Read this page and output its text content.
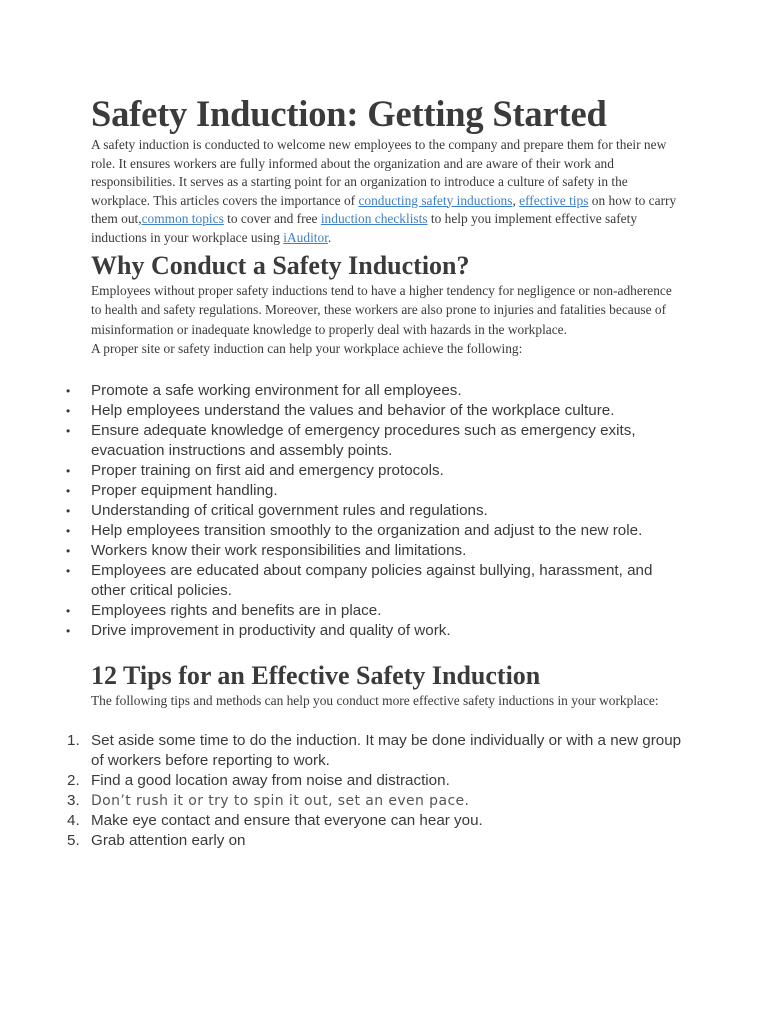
Safety Induction: Getting Started

A safety induction is conducted to welcome new employees to the company and prepare them for their new role. It ensures workers are fully informed about the organization and are aware of their work and responsibilities. It serves as a starting point for an organization to introduce a culture of safety in the workplace. This articles covers the importance of conducting safety inductions, effective tips on how to carry them out,common topics to cover and free induction checklists to help you implement effective safety inductions in your workplace using iAuditor.

Why Conduct a Safety Induction?

Employees without proper safety inductions tend to have a higher tendency for negligence or non-adherence to health and safety regulations. Moreover, these workers are also prone to injuries and fatalities because of misinformation or inadequate knowledge to properly deal with hazards in the workplace.

A proper site or safety induction can help your workplace achieve the following:

• Promote a safe working environment for all employees.
• Help employees understand the values and behavior of the workplace culture.
• Ensure adequate knowledge of emergency procedures such as emergency exits, evacuation instructions and assembly points.
• Proper training on first aid and emergency protocols.
• Proper equipment handling.
• Understanding of critical government rules and regulations.
• Help employees transition smoothly to the organization and adjust to the new role.
• Workers know their work responsibilities and limitations.
• Employees are educated about company policies against bullying, harassment, and other critical policies.
• Employees rights and benefits are in place.
• Drive improvement in productivity and quality of work.
12 Tips for an Effective Safety Induction

The following tips and methods can help you conduct more effective safety inductions in your workplace:

1. Set aside some time to do the induction. It may be done individually or with a new group of workers before reporting to work.
2. Find a good location away from noise and distraction.
3. Don’t rush it or try to spin it out, set an even pace.
4. Make eye contact and ensure that everyone can hear you.
5. Grab attention early on
